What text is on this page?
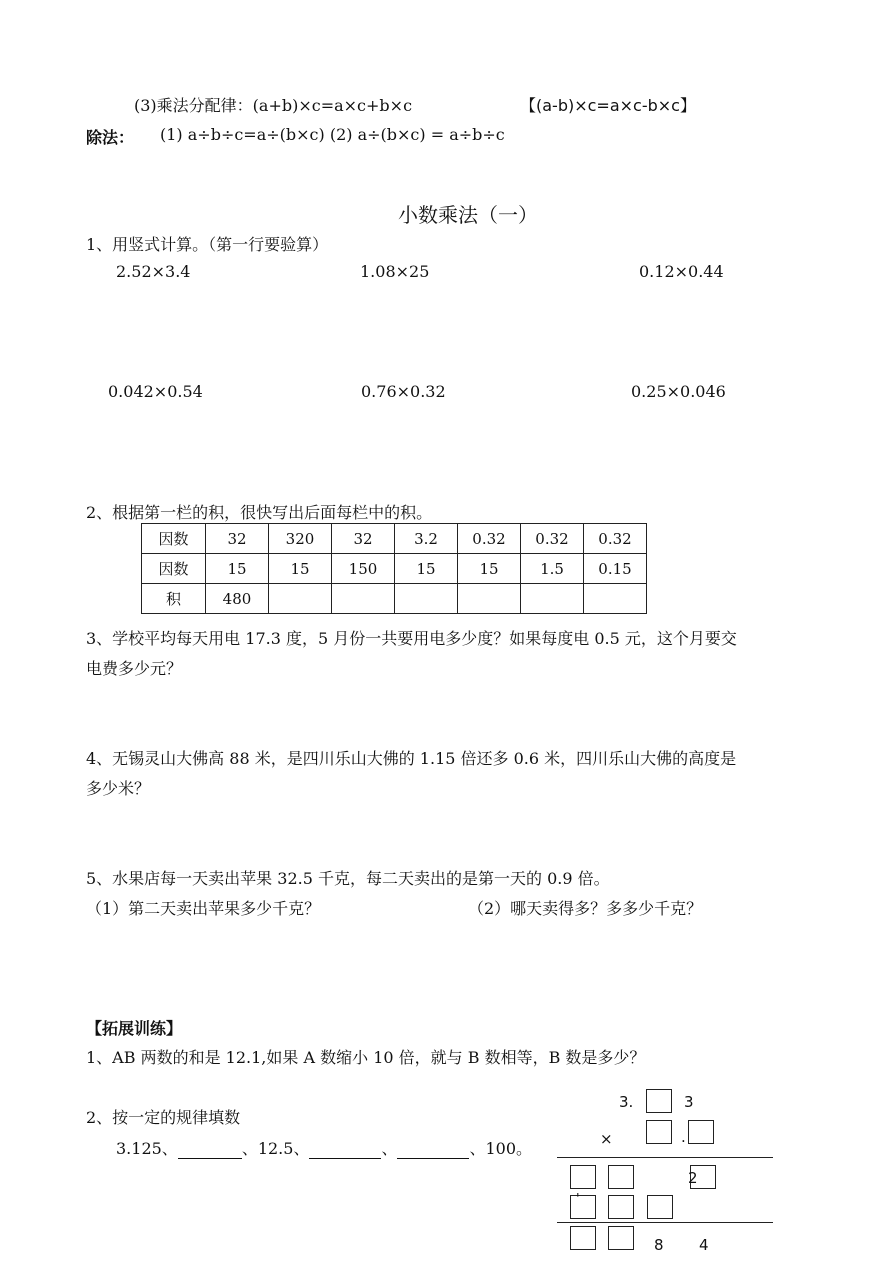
(3)乘法分配律：(a+b)×c=a×c+b×c	【(a-b)×c=a×c-b×c】
除法： (1) a÷b÷c=a÷(b×c) (2) a÷(b×c) = a÷b÷c
小数乘法（一）
1、用竖式计算。（第一行要验算）
2.52×3.4	1.08×25	0.12×0.44
0.042×0.54	0.76×0.32	0.25×0.046
2、根据第一栏的积，很快写出后面每栏中的积。
因数	32	320	32	3.2	0.32	0.32	0.32
因数	15	15	150	15	15	1.5	0.15
积	480						
3、学校平均每天用电 17.3 度，5 月份一共要用电多少度？如果每度电 0.5 元，这个月要交
电费多少元？
4、无锡灵山大佛高 88 米，是四川乐山大佛的 1.15 倍还多 0.6 米，四川乐山大佛的高度是
多少米？
5、水果店每一天卖出苹果 32.5 千克，每二天卖出的是第一天的 0.9 倍。
（1）第二天卖出苹果多少千克？	（2）哪天卖得多？多多少千克？
【拓展训练】
1、AB 两数的和是 12.1,如果 A 数缩小 10 倍，就与 B 数相等，B 数是多少？
2、按一定的规律填数
3.125、	、12.5、	、	、100。
3.	3
×	.
2
'
8 4
